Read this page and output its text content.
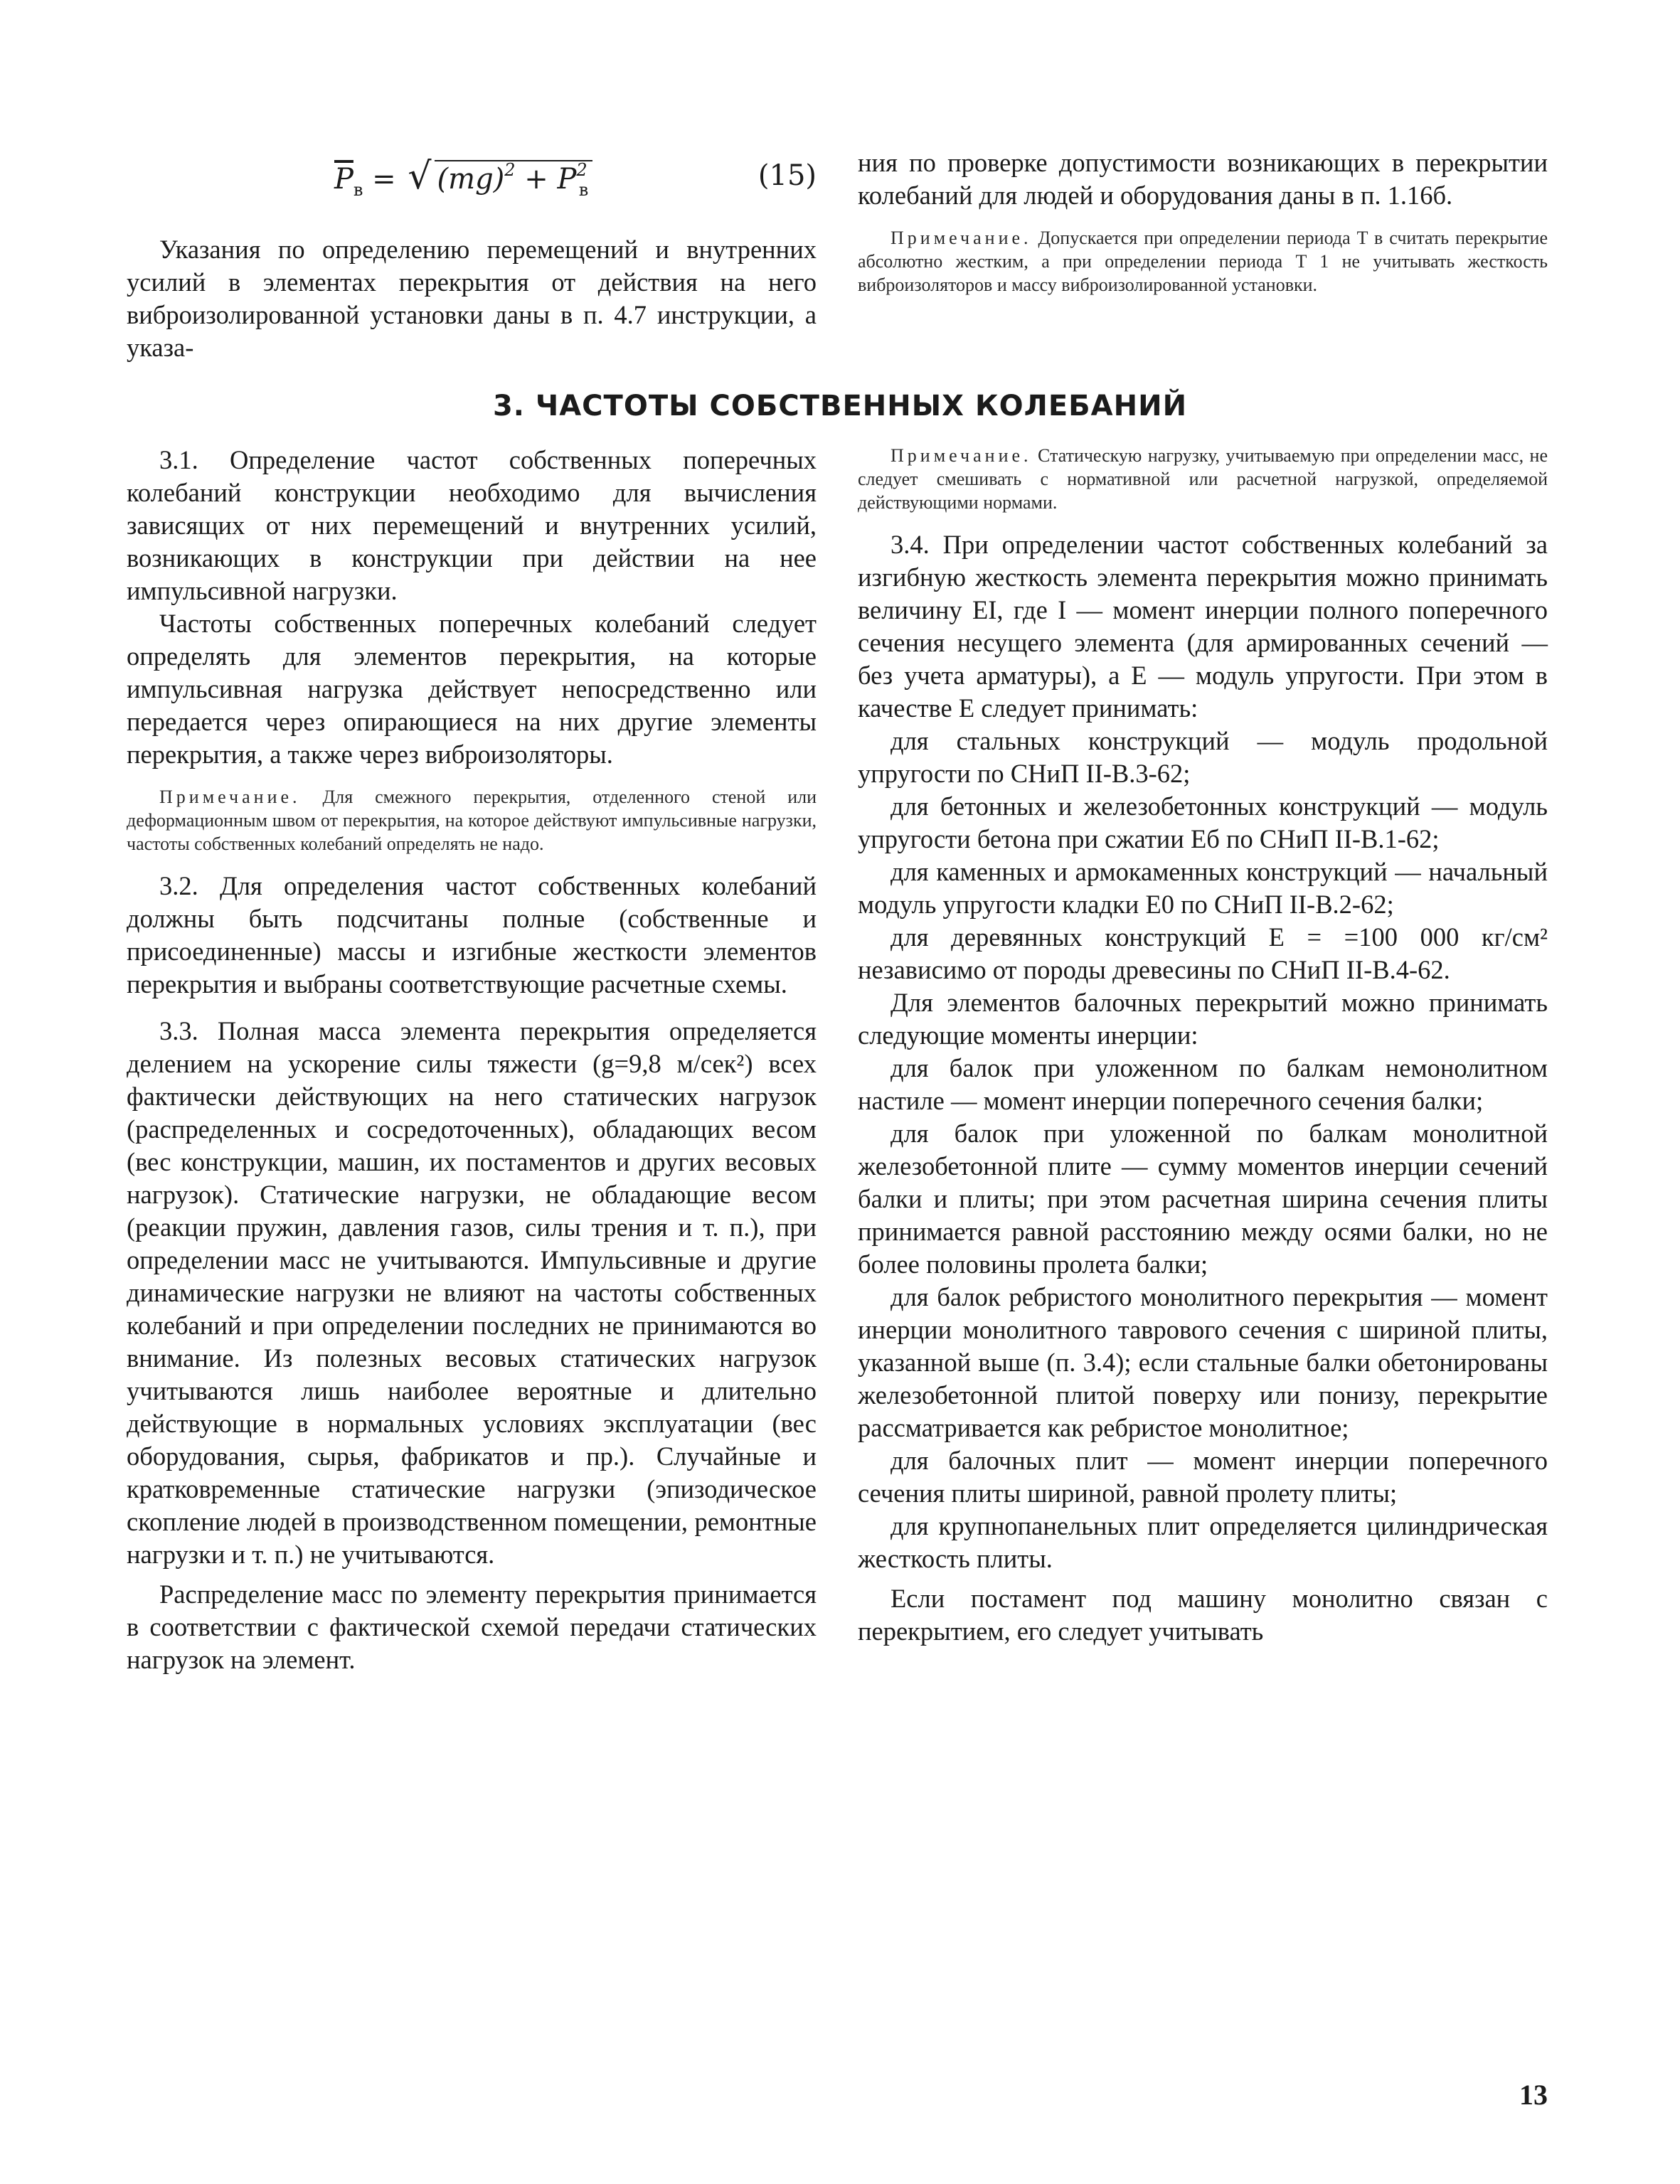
$\overline{P}_в$ = √ $(mg)^2 + P^2_в$	(15)

Указания по определению перемещений и внутренних усилий в элементах перекрытия от действия на него виброизолированной установки даны в п. 4.7 инструкции, а указа-

ния по проверке допустимости возникающих в перекрытии колебаний для людей и оборудования даны в п. 1.16б.

Примечание. Допускается при определении периода T в считать перекрытие абсолютно жестким, а при определении периода T 1 не учитывать жесткость виброизоляторов и массу виброизолированной установки.

3. ЧАСТОТЫ СОБСТВЕННЫХ КОЛЕБАНИЙ

3.1. Определение частот собственных поперечных колебаний конструкции необходимо для вычисления зависящих от них перемещений и внутренних усилий, возникающих в конструкции при действии на нее импульсивной нагрузки.

Частоты собственных поперечных колебаний следует определять для элементов перекрытия, на которые импульсивная нагрузка действует непосредственно или передается через опирающиеся на них другие элементы перекрытия, а также через виброизоляторы.

Примечание. Для смежного перекрытия, отделенного стеной или деформационным швом от перекрытия, на которое действуют импульсивные нагрузки, частоты собственных колебаний определять не надо.

3.2. Для определения частот собственных колебаний должны быть подсчитаны полные (собственные и присоединенные) массы и изгибные жесткости элементов перекрытия и выбраны соответствующие расчетные схемы.

3.3. Полная масса элемента перекрытия определяется делением на ускорение силы тяжести (g=9,8 м/сек²) всех фактически действующих на него статических нагрузок (распределенных и сосредоточенных), обладающих весом (вес конструкции, машин, их постаментов и других весовых нагрузок). Статические нагрузки, не обладающие весом (реакции пружин, давления газов, силы трения и т. п.), при определении масс не учитываются. Импульсивные и другие динамические нагрузки не влияют на частоты собственных колебаний и при определении последних не принимаются во внимание. Из полезных весовых статических нагрузок учитываются лишь наиболее вероятные и длительно действующие в нормальных условиях эксплуатации (вес оборудования, сырья, фабрикатов и пр.). Случайные и кратковременные статические нагрузки (эпизодическое скопление людей в производственном помещении, ремонтные нагрузки и т. п.) не учитываются.

Распределение масс по элементу перекрытия принимается в соответствии с фактической схемой передачи статических нагрузок на элемент.

Примечание. Статическую нагрузку, учитываемую при определении масс, не следует смешивать с нормативной или расчетной нагрузкой, определяемой действующими нормами.

3.4. При определении частот собственных колебаний за изгибную жесткость элемента перекрытия можно принимать величину EI, где I — момент инерции полного поперечного сечения несущего элемента (для армированных сечений — без учета арматуры), а E — модуль упругости. При этом в качестве E следует принимать:

для стальных конструкций — модуль продольной упругости по СНиП II-В.3-62;

для бетонных и железобетонных конструкций — модуль упругости бетона при сжатии Eб по СНиП II-В.1-62;

для каменных и армокаменных конструкций — начальный модуль упругости кладки E0 по СНиП II-В.2-62;

для деревянных конструкций E = =100 000 кг/см² независимо от породы древесины по СНиП II-В.4-62.

Для элементов балочных перекрытий можно принимать следующие моменты инерции:

для балок при уложенном по балкам немонолитном настиле — момент инерции поперечного сечения балки;

для балок при уложенной по балкам монолитной железобетонной плите — сумму моментов инерции сечений балки и плиты; при этом расчетная ширина сечения плиты принимается равной расстоянию между осями балки, но не более половины пролета балки;

для балок ребристого монолитного перекрытия — момент инерции монолитного таврового сечения с шириной плиты, указанной выше (п. 3.4); если стальные балки обетонированы железобетонной плитой поверху или понизу, перекрытие рассматривается как ребристое монолитное;

для балочных плит — момент инерции поперечного сечения плиты шириной, равной пролету плиты;

для крупнопанельных плит определяется цилиндрическая жесткость плиты.

Если постамент под машину монолитно связан с перекрытием, его следует учитывать

13
